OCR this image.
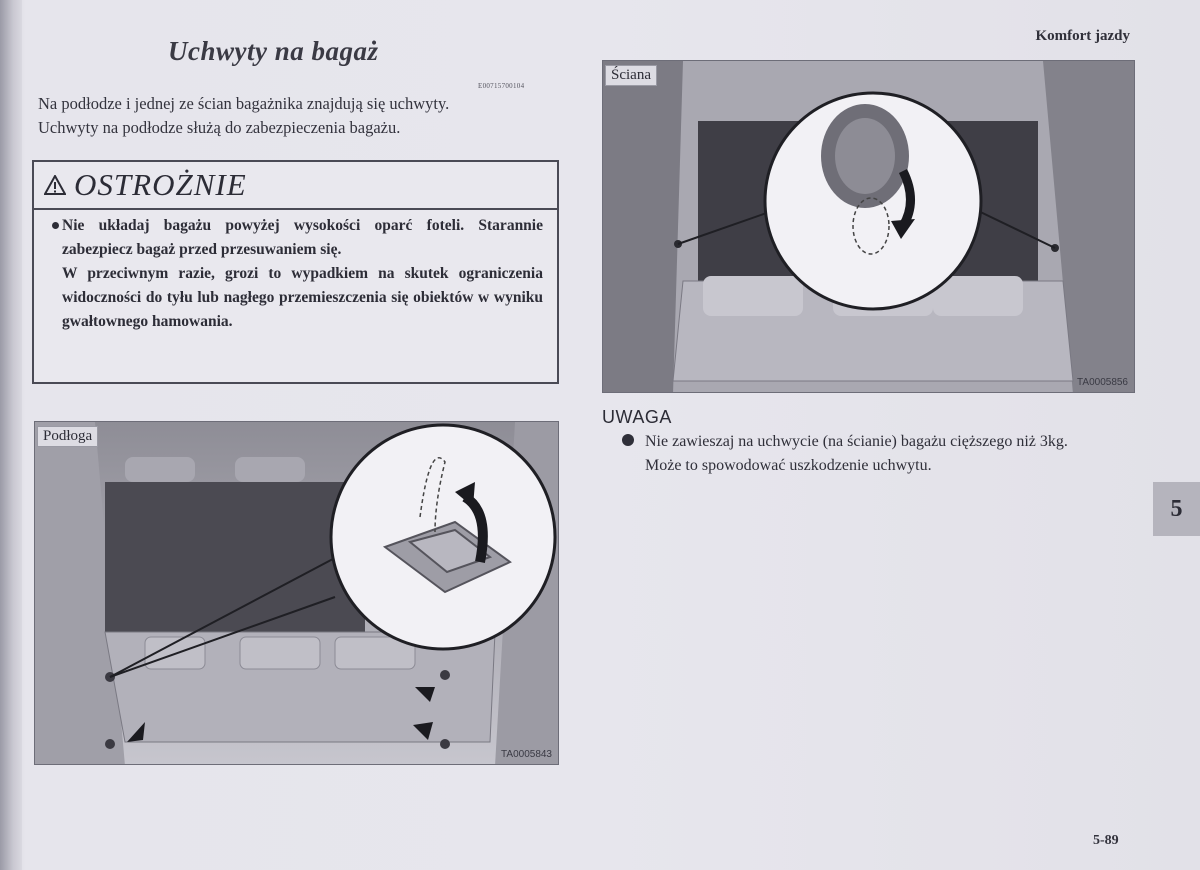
Uchwyty na bagaż	Komfort jazdy
E00715700104
Na podłodze i jednej ze ścian bagażnika znajdują się uchwyty.
Uchwyty na podłodze służą do zabezpieczenia bagażu.
OSTROŻNIE
Nie układaj bagażu powyżej wysokości oparć foteli. Starannie zabezpiecz bagaż przed przesuwaniem się.
W przeciwnym razie, grozi to wypadkiem na skutek ograniczenia widoczności do tyłu lub nagłego przemieszczenia się obiektów w wyniku gwałtownego hamowania.
Podłoga
TA0005843
Ściana
TA0005856
UWAGA
Nie zawieszaj na uchwycie (na ścianie) bagażu cięższego niż 3kg.
Może to spowodować uszkodzenie uchwytu.
5
5-89
